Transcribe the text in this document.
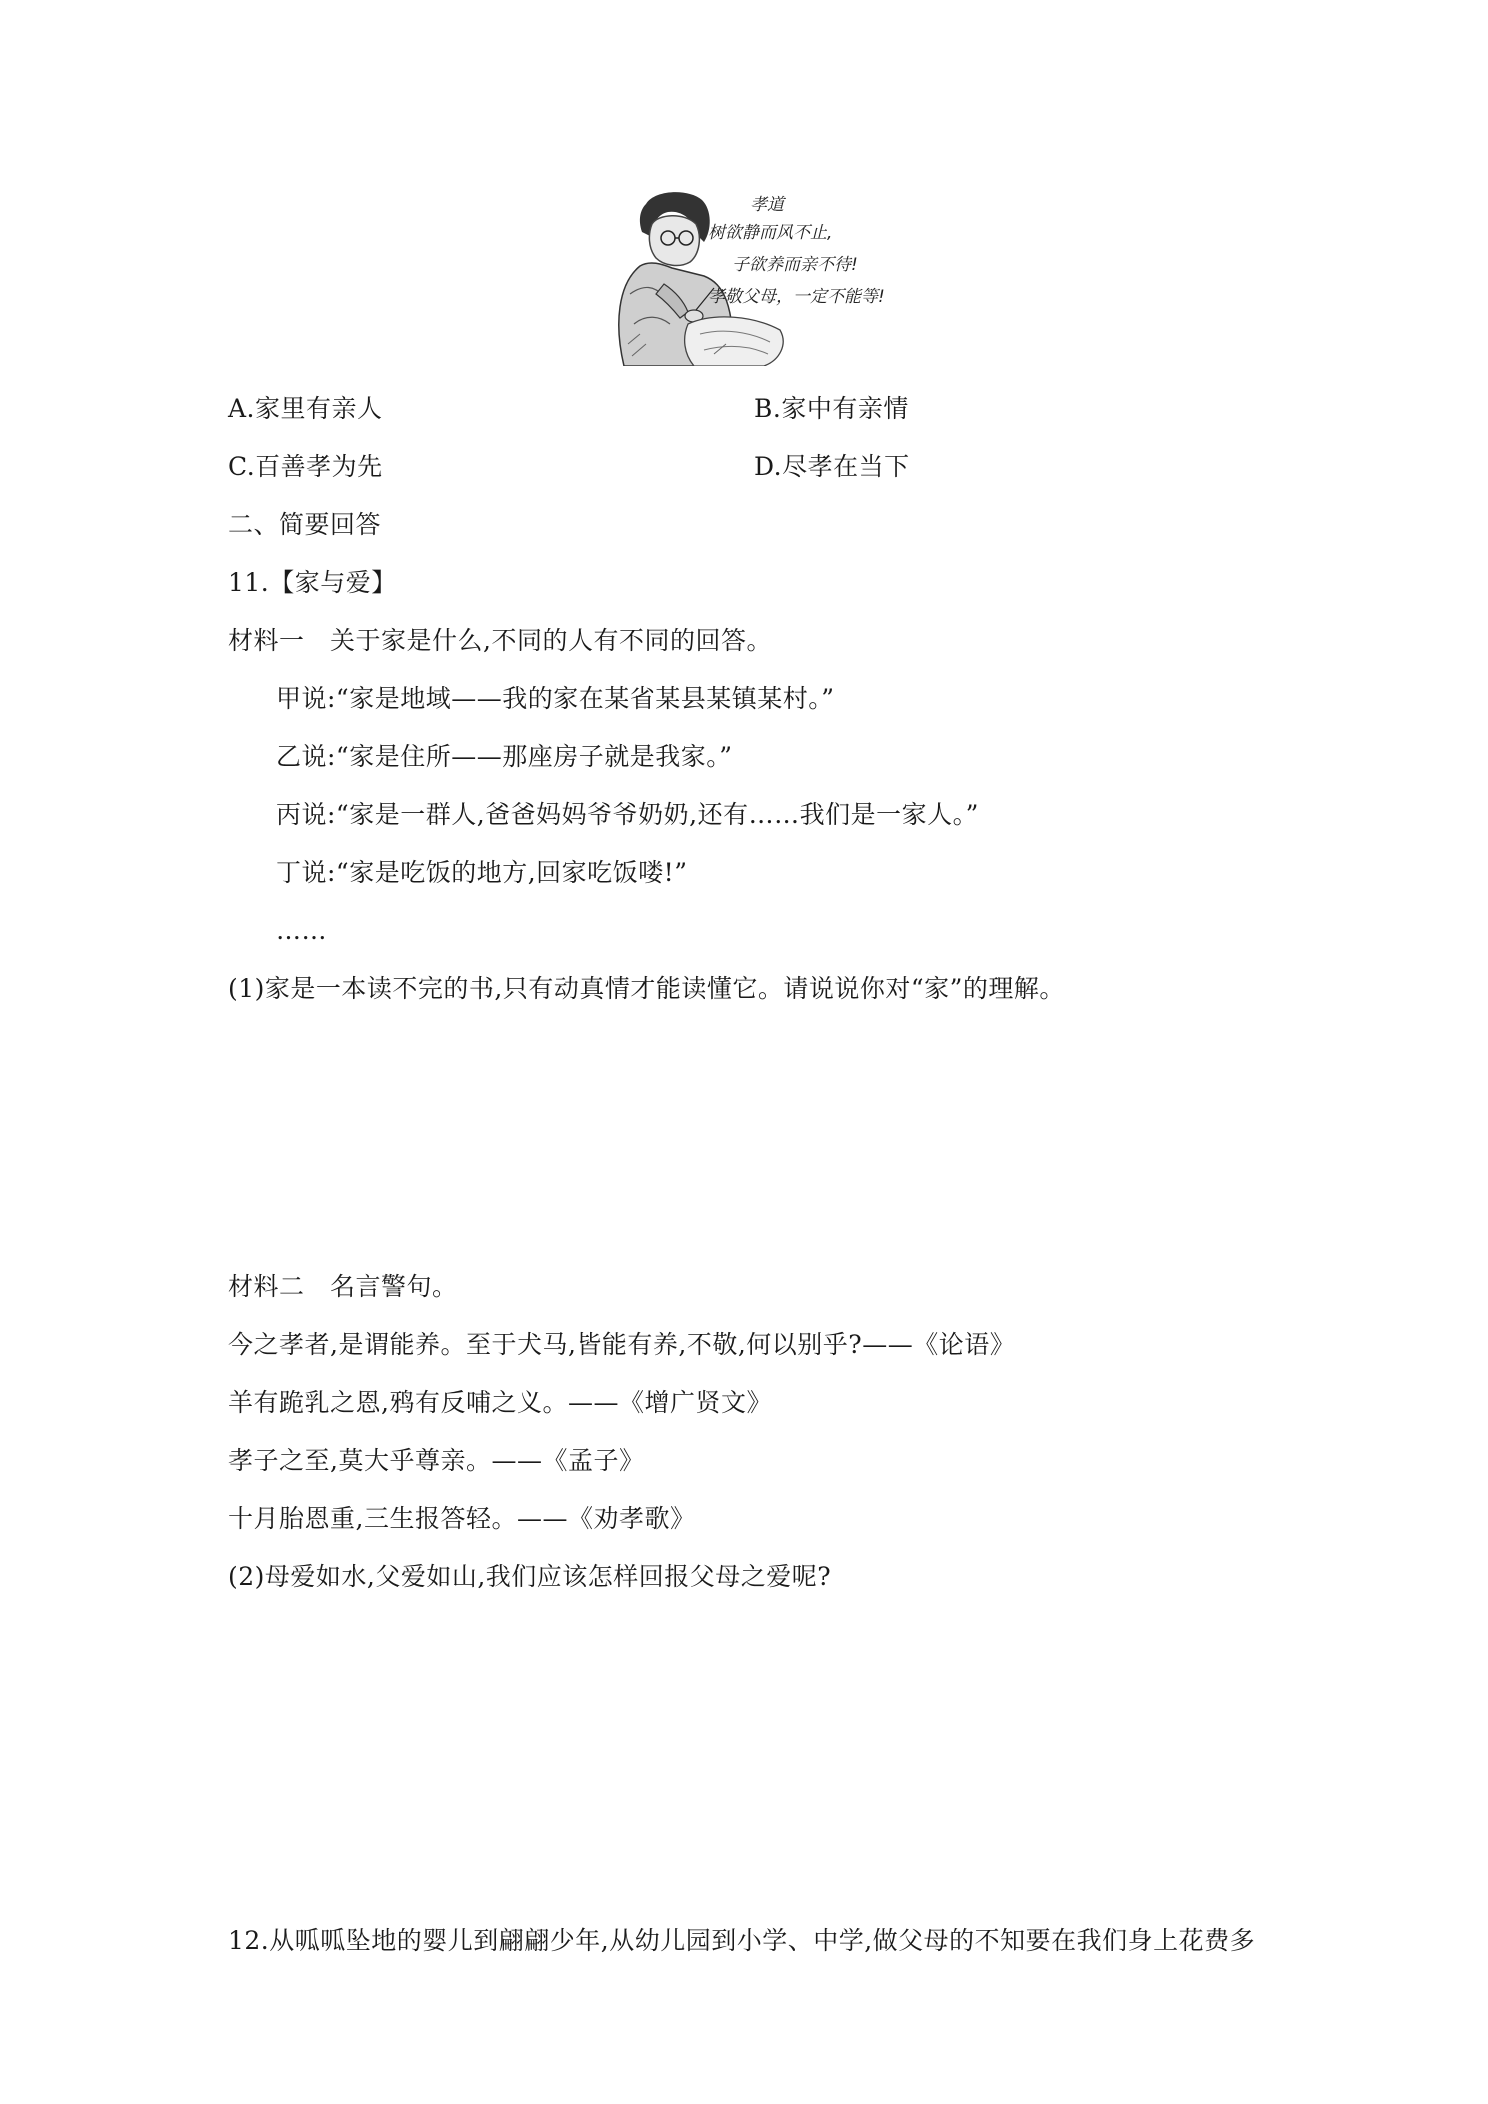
孝道
树欲静而风不止,
子欲养而亲不待!
孝敬父母，一定不能等!
A.家里有亲人	B.家中有亲情
C.百善孝为先	D.尽孝在当下
二、简要回答
11.【家与爱】
材料一　关于家是什么,不同的人有不同的回答。
甲说:“家是地域——我的家在某省某县某镇某村。”
乙说:“家是住所——那座房子就是我家。”
丙说:“家是一群人,爸爸妈妈爷爷奶奶,还有……我们是一家人。”
丁说:“家是吃饭的地方,回家吃饭喽!”
……
(1)家是一本读不完的书,只有动真情才能读懂它。请说说你对“家”的理解。
材料二　名言警句。
今之孝者,是谓能养。至于犬马,皆能有养,不敬,何以别乎?——《论语》
羊有跪乳之恩,鸦有反哺之义。——《增广贤文》
孝子之至,莫大乎尊亲。——《孟子》
十月胎恩重,三生报答轻。——《劝孝歌》
(2)母爱如水,父爱如山,我们应该怎样回报父母之爱呢?
12.从呱呱坠地的婴儿到翩翩少年,从幼儿园到小学、中学,做父母的不知要在我们身上花费多
